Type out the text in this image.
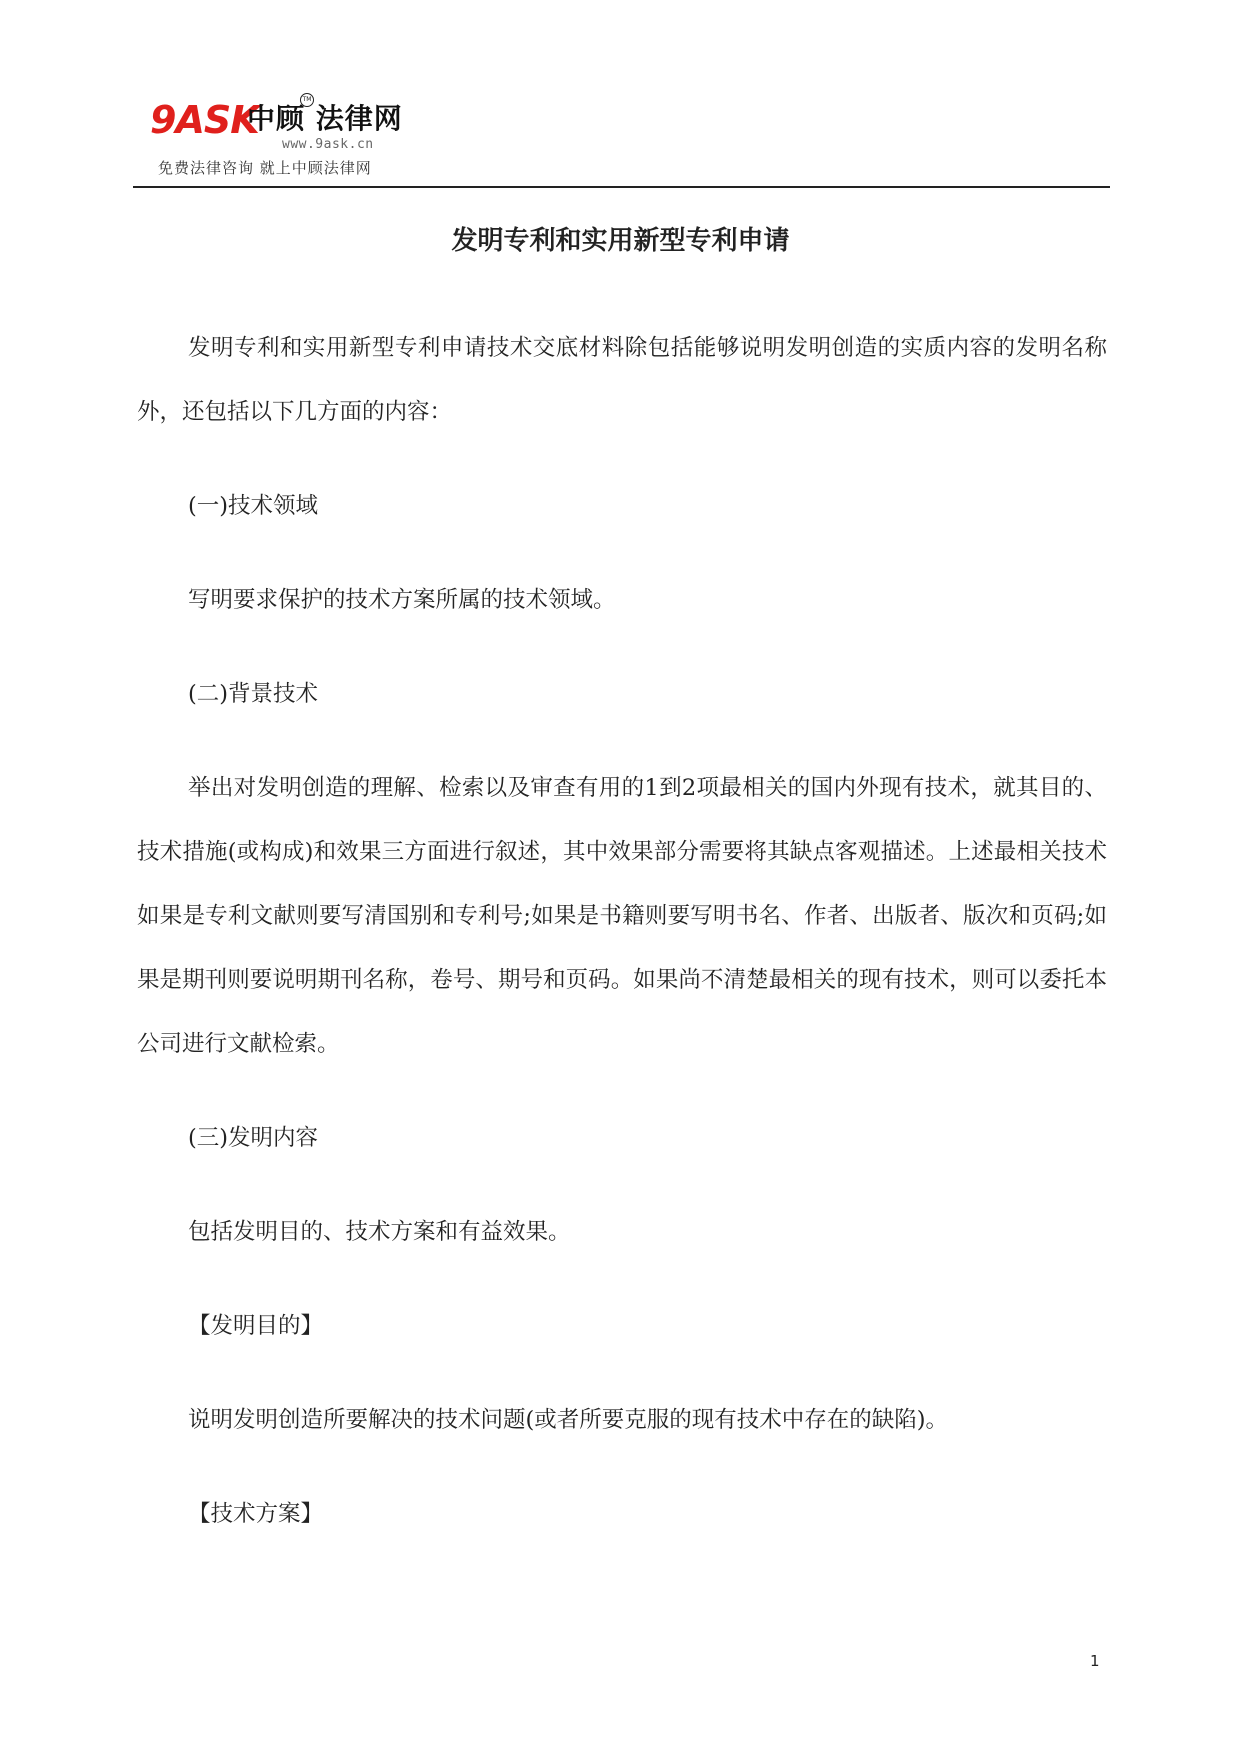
9ASK
中顾 法律网
TM
www.9ask.cn
免费法律咨询 就上中顾法律网
发明专利和实用新型专利申请

发明专利和实用新型专利申请技术交底材料除包括能够说明发明创造的实质内容的发明名称外，还包括以下几方面的内容：

(一)技术领域

写明要求保护的技术方案所属的技术领域。

(二)背景技术

举出对发明创造的理解、检索以及审查有用的1到2项最相关的国内外现有技术，就其目的、技术措施(或构成)和效果三方面进行叙述，其中效果部分需要将其缺点客观描述。上述最相关技术如果是专利文献则要写清国别和专利号;如果是书籍则要写明书名、作者、出版者、版次和页码;如果是期刊则要说明期刊名称，卷号、期号和页码。如果尚不清楚最相关的现有技术，则可以委托本公司进行文献检索。

(三)发明内容

包括发明目的、技术方案和有益效果。

【发明目的】

说明发明创造所要解决的技术问题(或者所要克服的现有技术中存在的缺陷)。

【技术方案】

1
